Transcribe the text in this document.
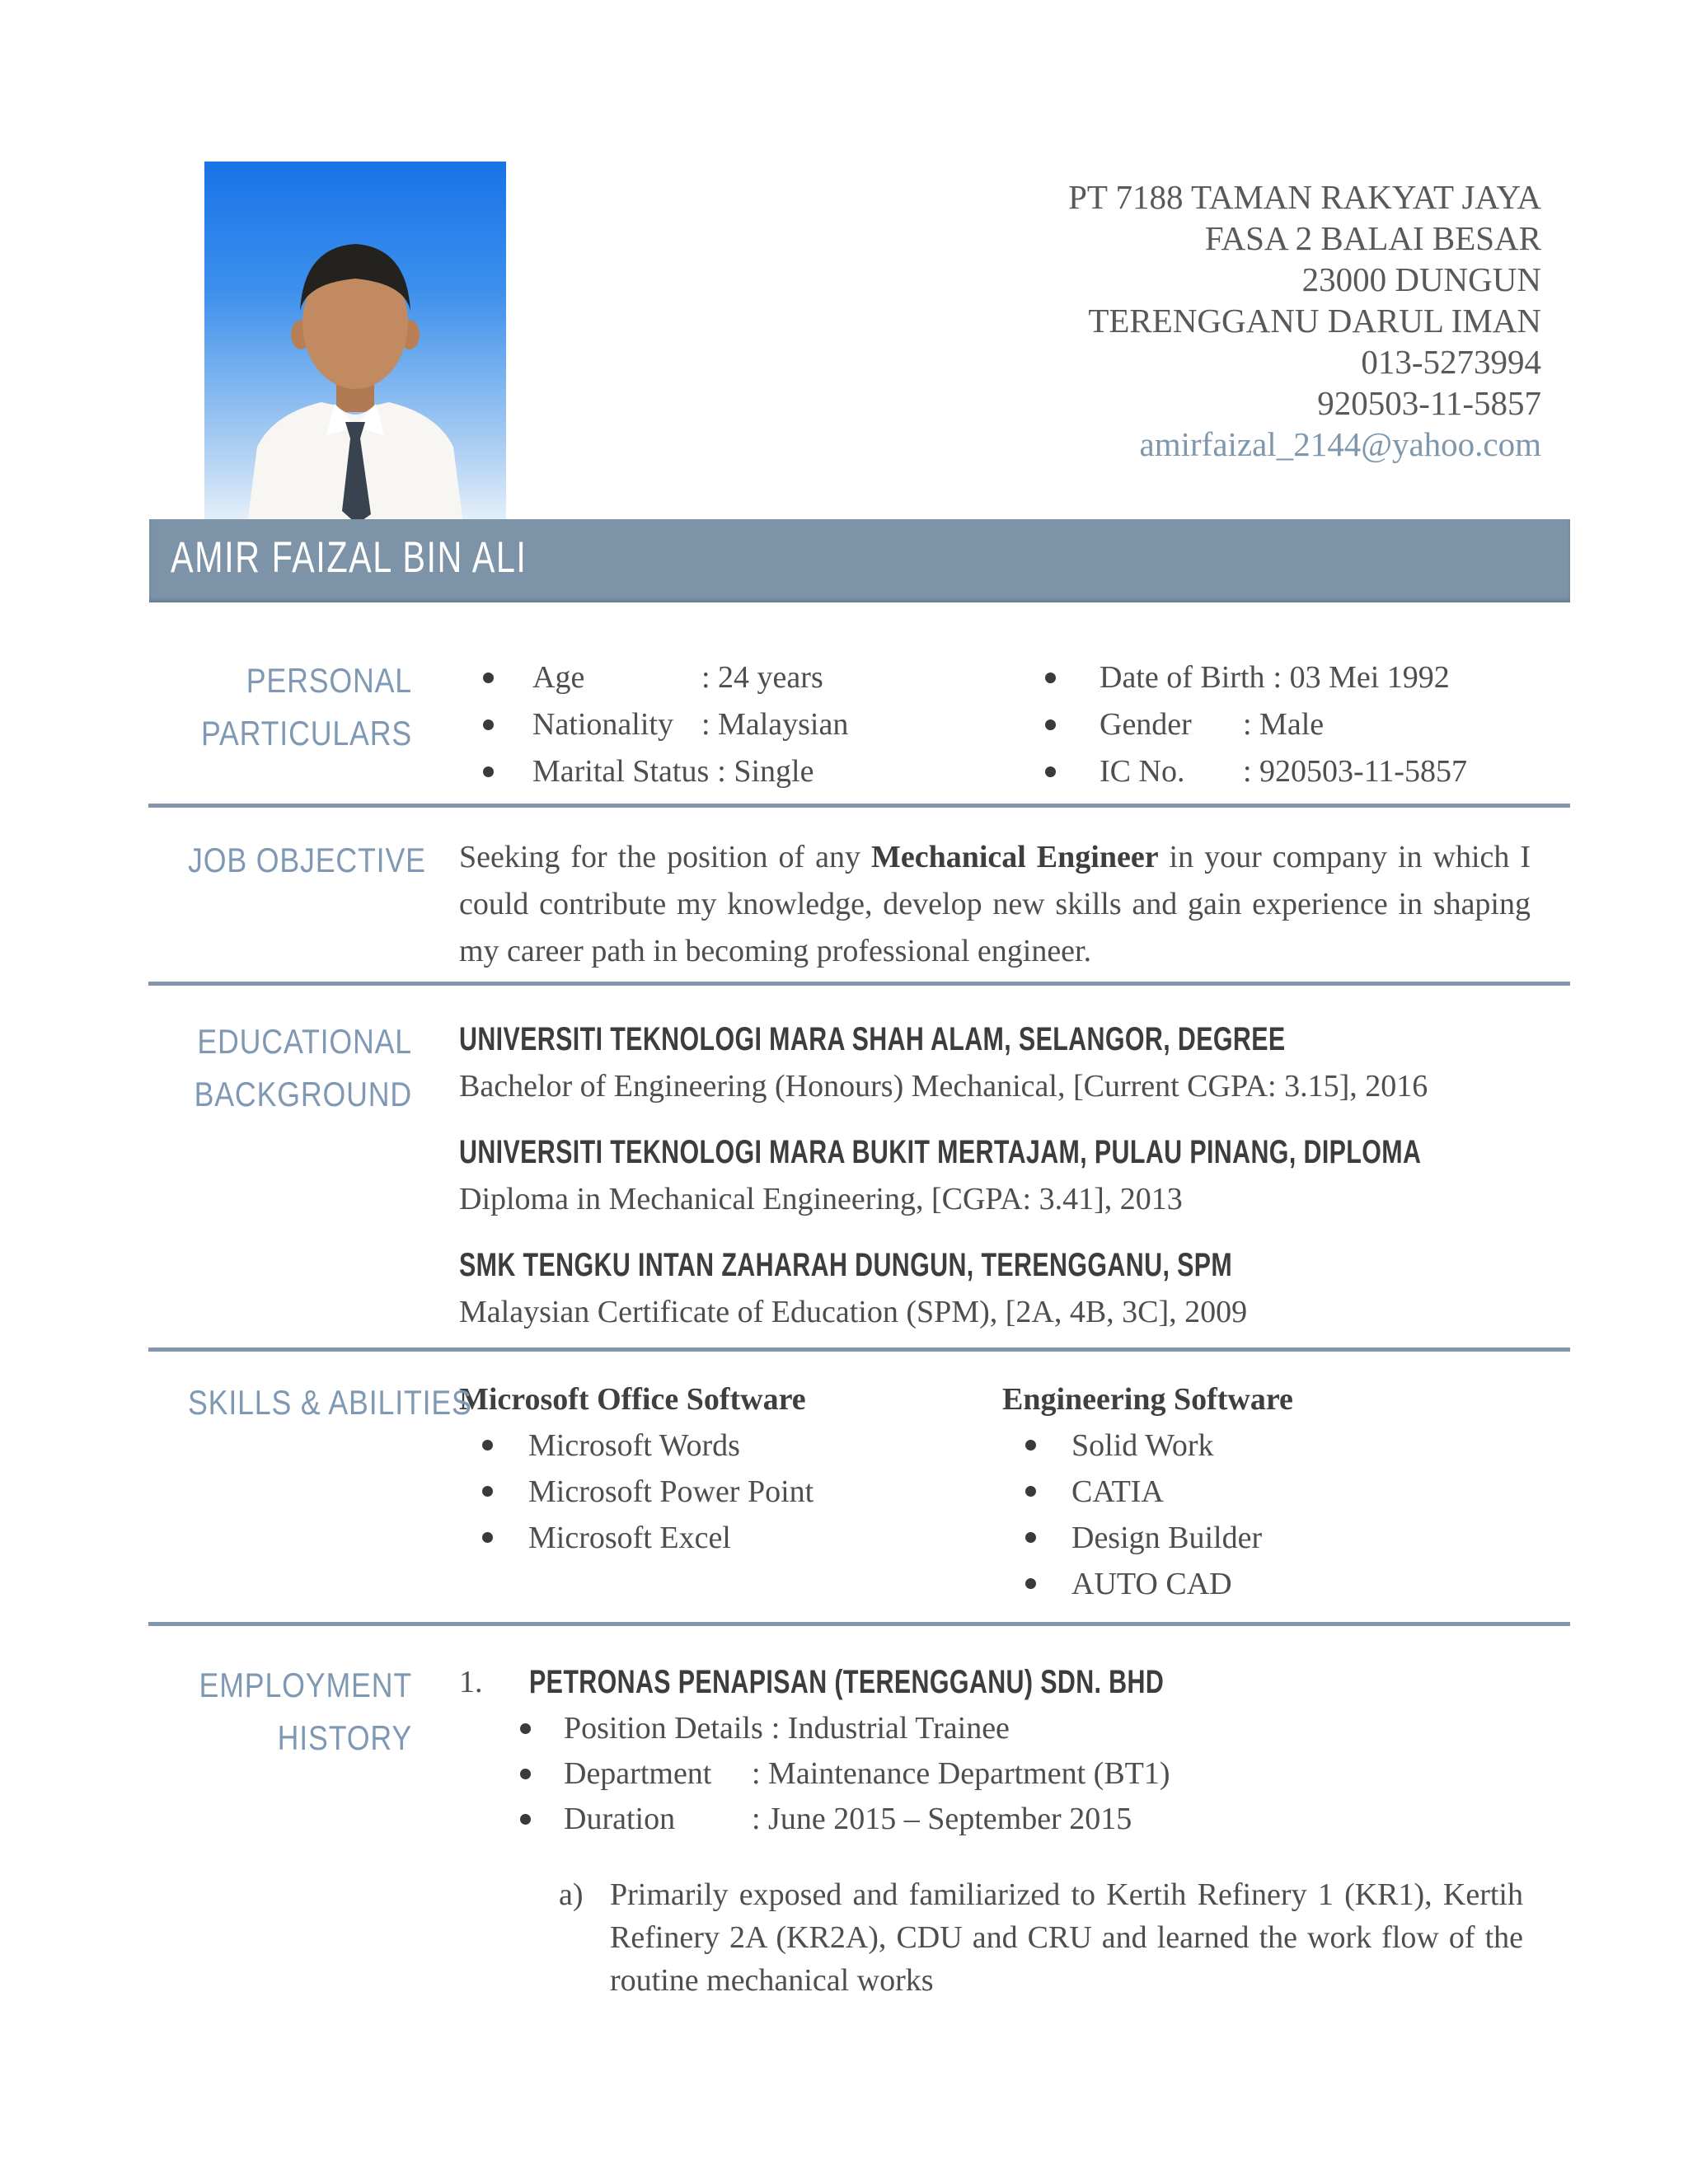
PT 7188 TAMAN RAKYAT JAYA
FASA 2 BALAI BESAR
23000 DUNGUN
TERENGGANU DARUL IMAN
013-5273994
920503-11-5857
amirfaizal_2144@yahoo.com
AMIR FAIZAL BIN ALI
PERSONAL
PARTICULARS
Age	: 24 years
Nationality : Malaysian
Marital Status : Single
Date of Birth : 03 Mei 1992
Gender : Male
IC No. : 920503-11-5857
JOB OBJECTIVE Seeking for the position of any Mechanical Engineer in your company in which I could contribute my knowledge, develop new skills and gain experience in shaping my career path in becoming professional engineer.

EDUCATIONAL
BACKGROUND
UNIVERSITI TEKNOLOGI MARA SHAH ALAM, SELANGOR, DEGREE
Bachelor of Engineering (Honours) Mechanical, [Current CGPA: 3.15], 2016
UNIVERSITI TEKNOLOGI MARA BUKIT MERTAJAM, PULAU PINANG, DIPLOMA
Diploma in Mechanical Engineering, [CGPA: 3.41], 2013
SMK TENGKU INTAN ZAHARAH DUNGUN, TERENGGANU, SPM
Malaysian Certificate of Education (SPM), [2A, 4B, 3C], 2009
SKILLS & ABILITIES
Microsoft Office Software
Microsoft Words
Microsoft Power Point
Microsoft Excel
Engineering Software
Solid Work
CATIA
Design Builder
AUTO CAD
EMPLOYMENT
HISTORY
1.	PETRONAS PENAPISAN (TERENGGANU) SDN. BHD
Position Details : Industrial Trainee
Department : Maintenance Department (BT1)
Duration : June 2015 – September 2015
a) Primarily exposed and familiarized to Kertih Refinery 1 (KR1), Kertih Refinery 2A (KR2A), CDU and CRU and learned the work flow of the routine mechanical works
